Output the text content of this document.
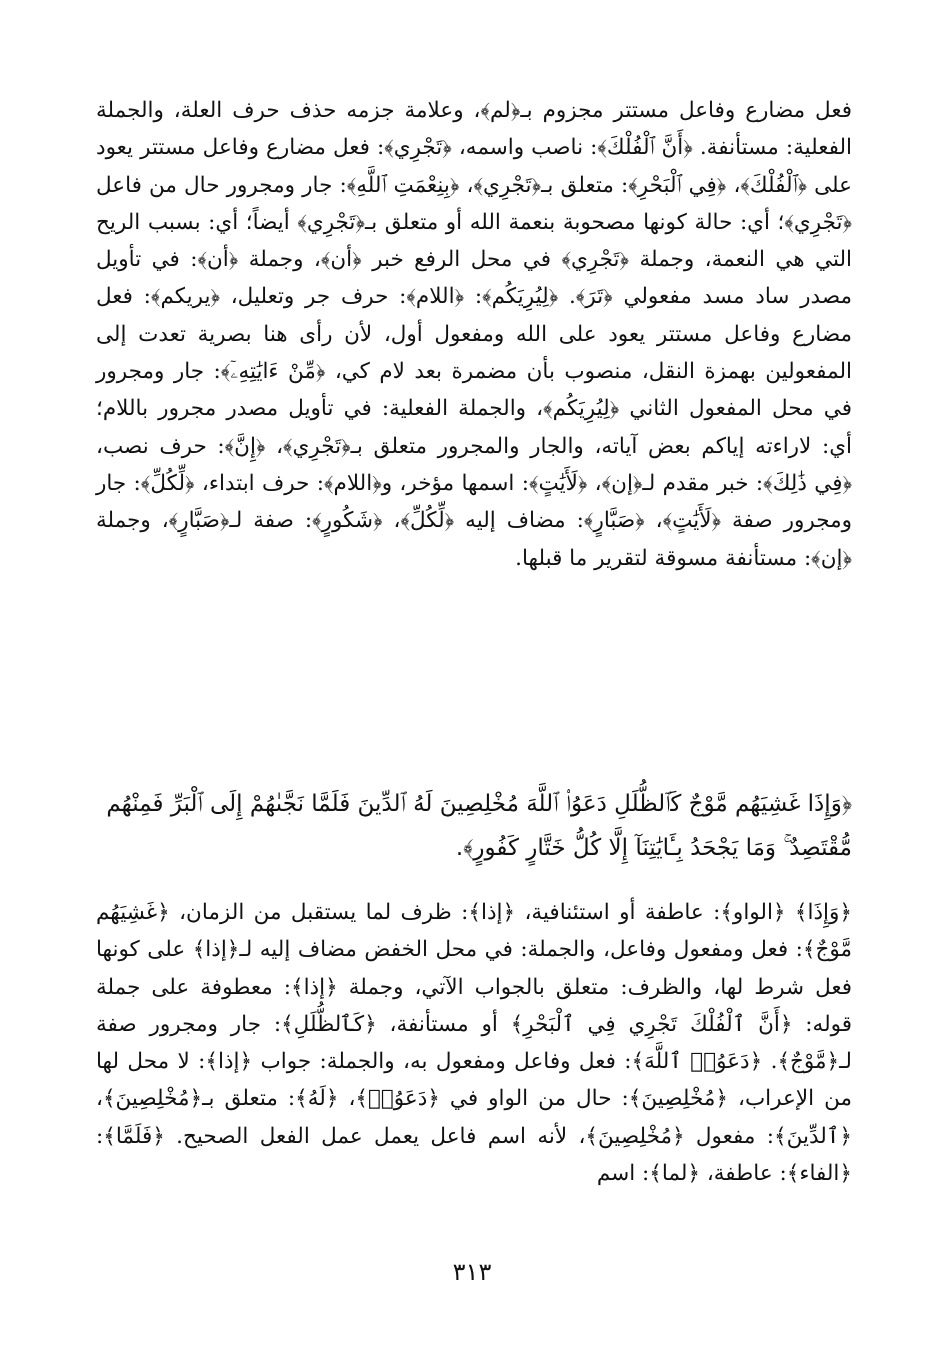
فعل مضارع وفاعل مستتر مجزوم بـ﴿لم﴾، وعلامة جزمه حذف حرف العلة، والجملة الفعلية: مستأنفة. ﴿أَنَّ ٱلْفُلْكَ﴾: ناصب واسمه، ﴿تَجْرِي﴾: فعل مضارع وفاعل مستتر يعود على ﴿ٱلْفُلْكَ﴾، ﴿فِي ٱلْبَحْرِ﴾: متعلق بـ﴿تَجْرِي﴾، ﴿بِنِعْمَتِ ٱللَّهِ﴾: جار ومجرور حال من فاعل ﴿تَجْرِي﴾؛ أي: حالة كونها مصحوبة بنعمة الله أو متعلق بـ﴿تَجْرِي﴾ أيضاً؛ أي: بسبب الريح التي هي النعمة، وجملة ﴿تَجْرِي﴾ في محل الرفع خبر ﴿أن﴾، وجملة ﴿أن﴾: في تأويل مصدر ساد مسد مفعولي ﴿تَرَ﴾. ﴿لِيُرِيَكُم﴾: ﴿اللام﴾: حرف جر وتعليل، ﴿يريكم﴾: فعل مضارع وفاعل مستتر يعود على الله ومفعول أول، لأن رأى هنا بصرية تعدت إلى المفعولين بهمزة النقل، منصوب بأن مضمرة بعد لام كي، ﴿مِّنْ ءَايَٰتِهِۦٓ﴾: جار ومجرور في محل المفعول الثاني ﴿لِيُرِيَكُم﴾، والجملة الفعلية: في تأويل مصدر مجرور باللام؛ أي: لاراءته إياكم بعض آياته، والجار والمجرور متعلق بـ﴿تَجْرِي﴾، ﴿إِنَّ﴾: حرف نصب، ﴿فِي ذَٰلِكَ﴾: خبر مقدم لـ﴿إن﴾، ﴿لَأَيَٰتٍ﴾: اسمها مؤخر، و﴿اللام﴾: حرف ابتداء، ﴿لِّكُلِّ﴾: جار ومجرور صفة ﴿لَأَيَٰتٍ﴾، ﴿صَبَّارٍ﴾: مضاف إليه ﴿لِّكُلِّ﴾، ﴿شَكُورٍ﴾: صفة لـ﴿صَبَّارٍ﴾، وجملة ﴿إن﴾: مستأنفة مسوقة لتقرير ما قبلها.

﴿وَإِذَا غَشِيَهُم مَّوْجٌ كَٱلظُّلَلِ دَعَوُا۟ ٱللَّهَ مُخْلِصِينَ لَهُ ٱلدِّينَ فَلَمَّا نَجَّىٰهُمْ إِلَى ٱلْبَرِّ فَمِنْهُم مُّقْتَصِدٌ ۚ وَمَا يَجْحَدُ بِـَٔايَٰتِنَآ إِلَّا كُلُّ خَتَّارٍ كَفُورٍ﴾.

﴿وَإِذَا﴾ ﴿الواو﴾: عاطفة أو استئنافية، ﴿إذا﴾: ظرف لما يستقبل من الزمان، ﴿غَشِيَهُم مَّوْجٌ﴾: فعل ومفعول وفاعل، والجملة: في محل الخفض مضاف إليه لـ﴿إذا﴾ على كونها فعل شرط لها، والظرف: متعلق بالجواب الآتي، وجملة ﴿إذا﴾: معطوفة على جملة قوله: ﴿أَنَّ ٱلْفُلْكَ تَجْرِي فِي ٱلْبَحْرِ﴾ أو مستأنفة، ﴿كَٱلظُّلَلِ﴾: جار ومجرور صفة لـ﴿مَّوْجٌ﴾. ﴿دَعَوُا۟ ٱللَّهَ﴾: فعل وفاعل ومفعول به، والجملة: جواب ﴿إذا﴾: لا محل لها من الإعراب، ﴿مُخْلِصِينَ﴾: حال من الواو في ﴿دَعَوُا۟﴾، ﴿لَهُ﴾: متعلق بـ﴿مُخْلِصِينَ﴾، ﴿ٱلدِّينَ﴾: مفعول ﴿مُخْلِصِينَ﴾، لأنه اسم فاعل يعمل عمل الفعل الصحيح. ﴿فَلَمَّا﴾: ﴿الفاء﴾: عاطفة، ﴿لما﴾: اسم

٣١٣
